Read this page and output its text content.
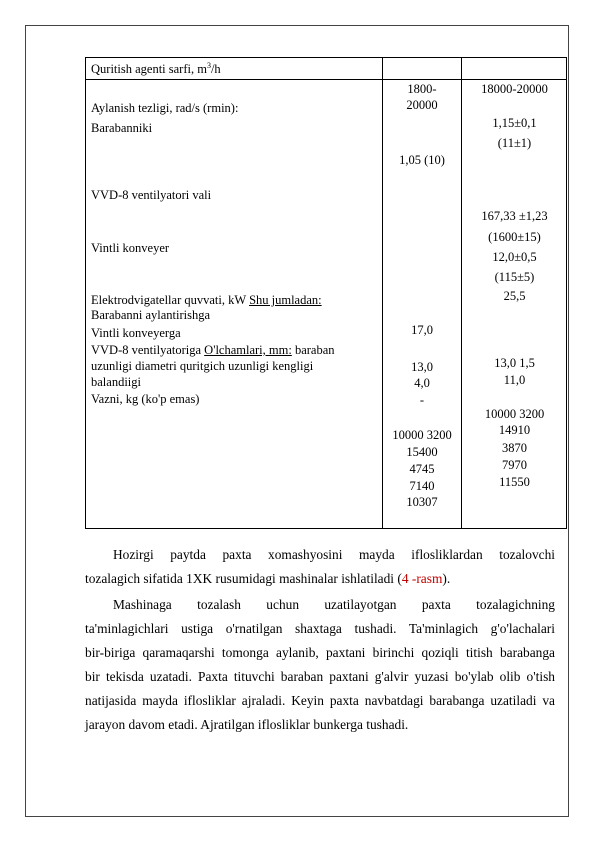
Quritish agenti sarfi, $m^3/h$
Aylanish tezligi, rad/s (rmin):
Barabanniki
VVD-8 ventilyatori vali
Vintli konveyer
Elektrodvigatellar quvvati, kW Shu jumladan:
Barabanni aylantirishga
Vintli konveyerga
VVD-8 ventilyatoriga O'lchamlari, mm: baraban
uzunligi diametri quritgich uzunligi kengligi
balandiigi
Vazni, kg (ko'p emas)
1800-
20000
1,05 (10)
17,0
13,0
4,0
-
10000 3200
15400
4745
7140
10307
18000-20000
1,15±0,1
(11±1)
167,33 ±1,23
(1600±15)
12,0±0,5
(115±5)
25,5
13,0 1,5
11,0
10000 3200
14910
3870
7970
11550
Hozirgi paytda paxta xomashyosini mayda iflosliklardan tozalovchi
tozalagich sifatida 1XK rusumidagi mashinalar ishlatiladi (4 -rasm).
Mashinaga tozalash uchun uzatilayotgan paxta tozalagichning
ta'minlagichlari ustiga o'rnatilgan shaxtaga tushadi. Ta'minlagich g'o'lachalari
bir-biriga qaramaqarshi tomonga aylanib, paxtani birinchi qoziqli titish barabanga
bir tekisda uzatadi. Paxta tituvchi baraban paxtani g'alvir yuzasi bo'ylab olib o'tish
natijasida mayda iflosliklar ajraladi. Keyin paxta navbatdagi barabanga uzatiladi va
jarayon davom etadi. Ajratilgan iflosliklar bunkerga tushadi.
